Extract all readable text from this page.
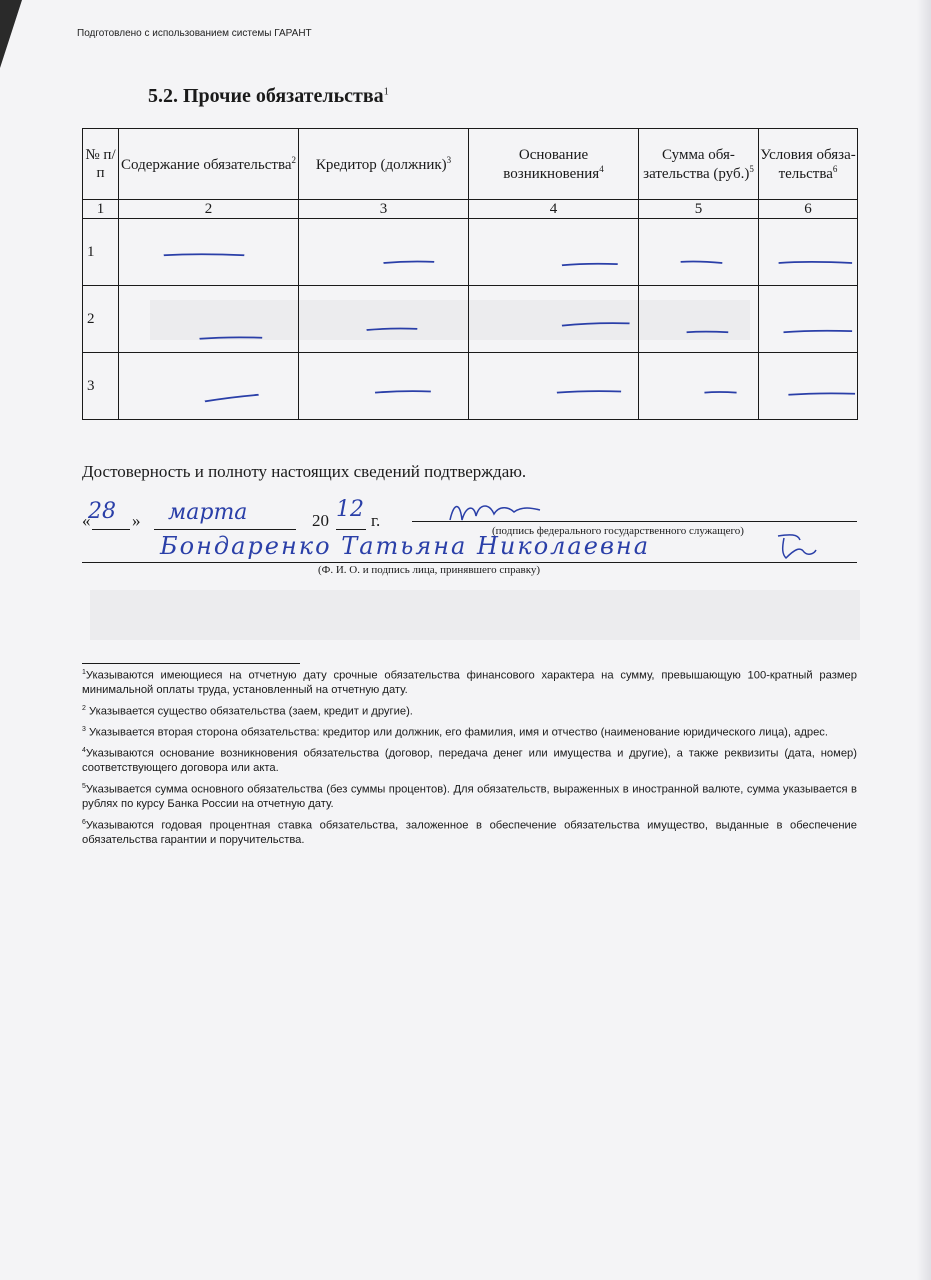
Подготовлено с использованием системы ГАРАНТ
5.2. Прочие обязательства$^1$
№ п/п	Содержание обязательства$^2$	Кредитор (должник)$^3$	Основание возникновения$^4$	Сумма обя-зательства $(руб.)^5$	Условия обяза-тельства$^6$
1	2	3	4	5	6
1	

2	

3	

Достоверность и полноту настоящих сведений подтверждаю.
« »	20 г.
(подпись федерального государственного служащего)
28 марта	12
Бондаренко Татьяна Николаевна
(Ф. И. О. и подпись лица, принявшего справку)

$^1$Указываются имеющиеся на отчетную дату срочные обязательства финансового характера на сумму, превышающую 100-кратный размер минимальной оплаты труда, установленный на отчетную дату.

$^2$ Указывается существо обязательства (заем, кредит и другие).

$^3$ Указывается вторая сторона обязательства: кредитор или должник, его фамилия, имя и отчество (наименование юридического лица), адрес.

$^4$Указываются основание возникновения обязательства (договор, передача денег или имущества и другие), а также реквизиты (дата, номер) соответствующего договора или акта.

$^5$Указывается сумма основного обязательства (без суммы процентов). Для обязательств, выраженных в иностранной валюте, сумма указывается в рублях по курсу Банка России на отчетную дату.

$^6$Указываются годовая процентная ставка обязательства, заложенное в обеспечение обязательства имущество, выданные в обеспечение обязательства гарантии и поручительства.
